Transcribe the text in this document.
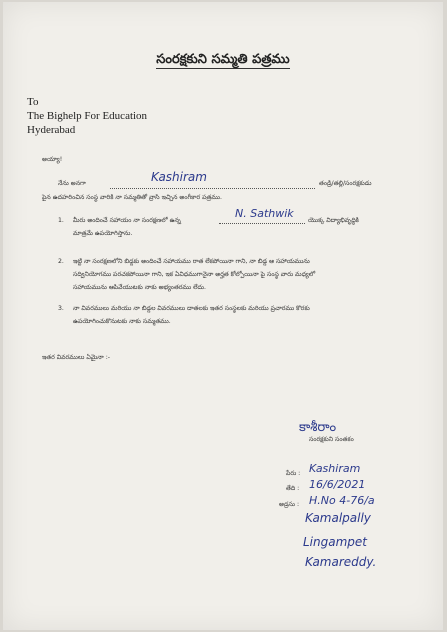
సంరక్షకుని సమ్మతి పత్రము
To
The Bighelp For Education
Hyderabad
అయ్యా!
నేను అనగా	Kashiram	తండ్రి/తల్లి/సంరక్షకుడు
పైన ఉదహరించిన సంస్థ వారికి నా సమ్మతితో వ్రాసి ఇచ్చిన అంగీకార పత్రము.
1. మీరు అందించే సహాయం నా సంరక్షణలో ఉన్న
N. Sathwik
యొక్క విద్యాభివృద్ధికి
మాత్రమే ఉపయోగిస్తాను.
2. ఇట్టి నా సంరక్షణలోని బిడ్డకు అందించే సహాయము రాత లేకపోయినా గాని, నా బిడ్డ ఆ సహాయమును
సద్వినియోగము పరచకపోయినా గాని, ఇక ఏవిధముగానైనా అర్హత కోల్పోయినా పై సంస్థ వారు మధ్యలో
సహాయమును ఆపివేయుటకు నాకు అభ్యంతరము లేదు.
3. నా వివరములు మరియు నా బిడ్డల వివరములు దాతలకు ఇతర సంస్థలకు మరియు ప్రచారము కొరకు
ఉపయోగించుకొనుటకు నాకు సమ్మతము.
ఇతర వివరములు ఏమైనా :-
కాశీరాం
సంరక్షకుని సంతకం
పేరు : Kashiram
తేది : 16/6/2021
అడ్రసు : H.No 4-76/a
Kamalpally
Lingampet
Kamareddy.
